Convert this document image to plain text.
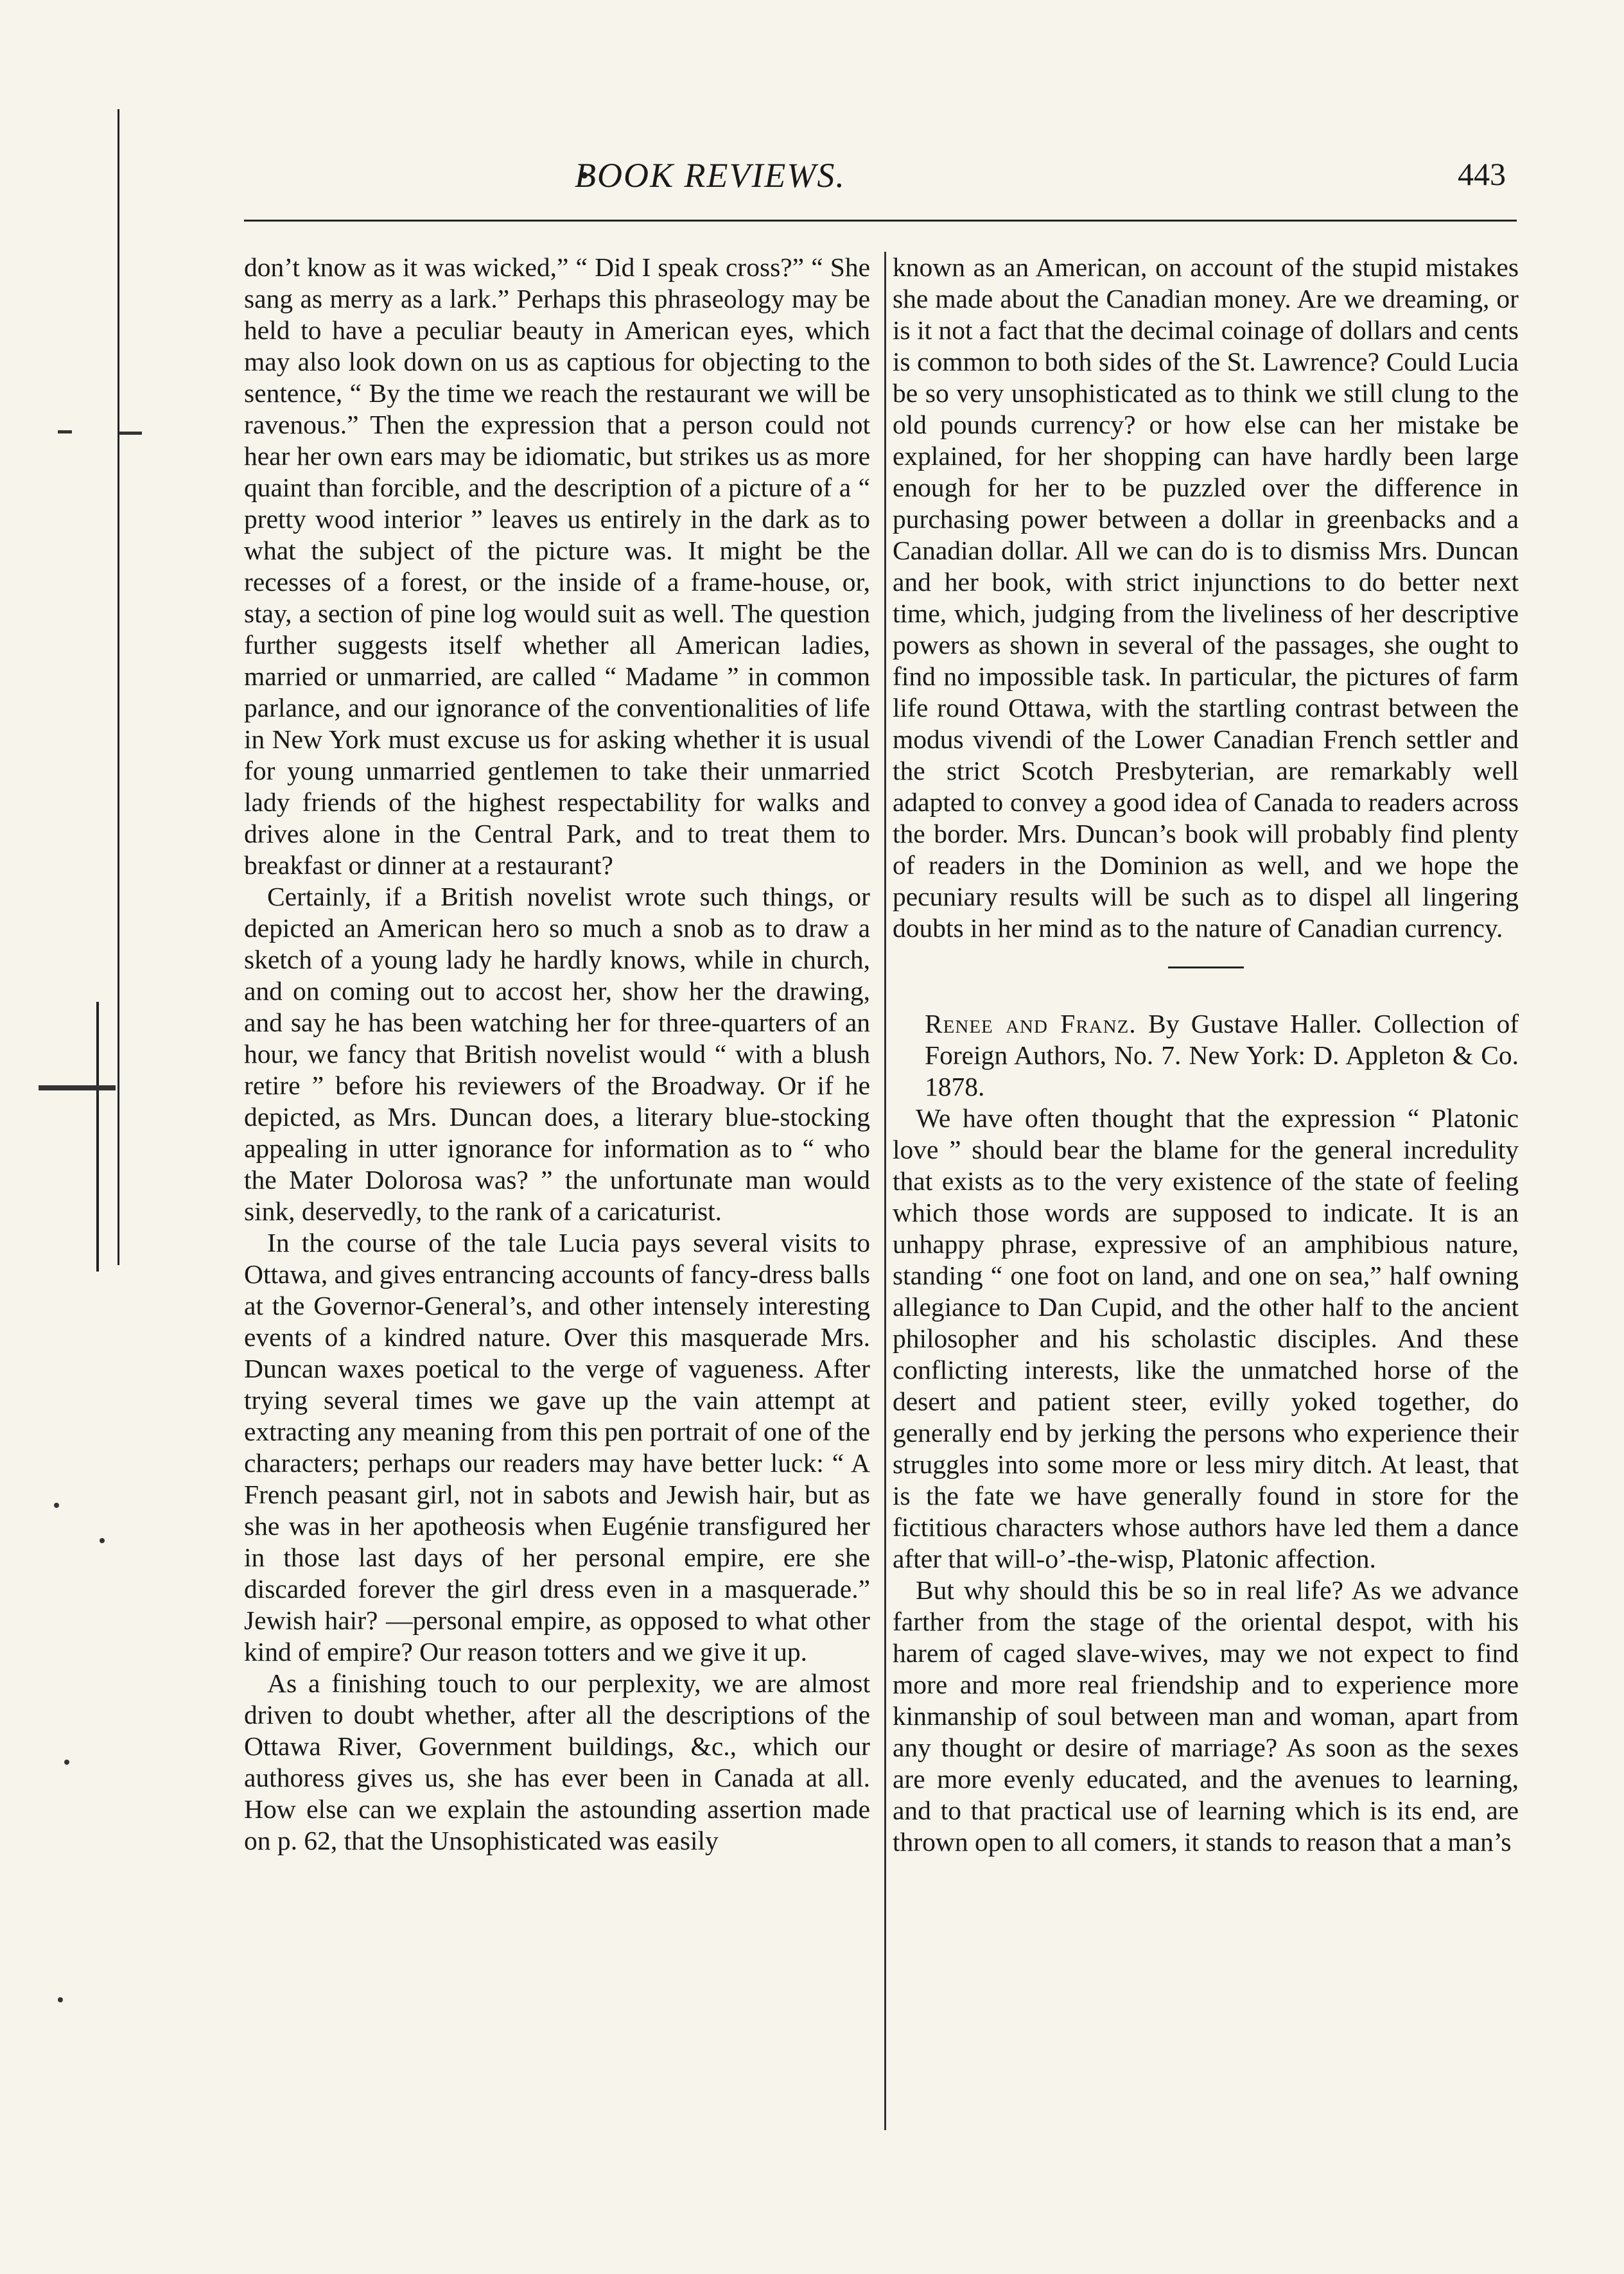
BOOK REVIEWS.	443

don’t know as it was wicked,” “ Did I speak cross?” “ She sang as merry as a lark.” Perhaps this phraseology may be held to have a peculiar beauty in American eyes, which may also look down on us as captious for objecting to the sentence, “ By the time we reach the restaurant we will be ravenous.” Then the expression that a person could not hear her own ears may be idiomatic, but strikes us as more quaint than forcible, and the description of a picture of a “ pretty wood interior ” leaves us entirely in the dark as to what the subject of the picture was. It might be the recesses of a forest, or the inside of a frame-house, or, stay, a section of pine log would suit as well. The question further suggests itself whether all American ladies, married or unmarried, are called “ Madame ” in common parlance, and our ignorance of the conventionalities of life in New York must excuse us for asking whether it is usual for young unmarried gentlemen to take their unmarried lady friends of the highest respectability for walks and drives alone in the Central Park, and to treat them to breakfast or dinner at a restaurant?

Certainly, if a British novelist wrote such things, or depicted an American hero so much a snob as to draw a sketch of a young lady he hardly knows, while in church, and on coming out to accost her, show her the drawing, and say he has been watching her for three-quarters of an hour, we fancy that British novelist would “ with a blush retire ” before his reviewers of the Broadway. Or if he depicted, as Mrs. Duncan does, a literary blue-stocking appealing in utter ignorance for information as to “ who the Mater Dolorosa was? ” the unfortunate man would sink, deservedly, to the rank of a caricaturist.

In the course of the tale Lucia pays several visits to Ottawa, and gives entrancing accounts of fancy-dress balls at the Governor-General’s, and other intensely interesting events of a kindred nature. Over this masquerade Mrs. Duncan waxes poetical to the verge of vagueness. After trying several times we gave up the vain attempt at extracting any meaning from this pen portrait of one of the characters; perhaps our readers may have better luck: “ A French peasant girl, not in sabots and Jewish hair, but as she was in her apotheosis when Eugénie transfigured her in those last days of her personal empire, ere she discarded forever the girl dress even in a masquerade.” Jewish hair? —personal empire, as opposed to what other kind of empire? Our reason totters and we give it up.

As a finishing touch to our perplexity, we are almost driven to doubt whether, after all the descriptions of the Ottawa River, Government buildings, &c., which our authoress gives us, she has ever been in Canada at all. How else can we explain the astounding assertion made on p. 62, that the Unsophisticated was easily

known as an American, on account of the stupid mistakes she made about the Canadian money. Are we dreaming, or is it not a fact that the decimal coinage of dollars and cents is common to both sides of the St. Lawrence? Could Lucia be so very unsophisticated as to think we still clung to the old pounds currency? or how else can her mistake be explained, for her shopping can have hardly been large enough for her to be puzzled over the difference in purchasing power between a dollar in greenbacks and a Canadian dollar. All we can do is to dismiss Mrs. Duncan and her book, with strict injunctions to do better next time, which, judging from the liveliness of her descriptive powers as shown in several of the passages, she ought to find no impossible task. In particular, the pictures of farm life round Ottawa, with the startling contrast between the modus vivendi of the Lower Canadian French settler and the strict Scotch Presbyterian, are remarkably well adapted to convey a good idea of Canada to readers across the border. Mrs. Duncan’s book will probably find plenty of readers in the Dominion as well, and we hope the pecuniary results will be such as to dispel all lingering doubts in her mind as to the nature of Canadian currency.

Renee and Franz. By Gustave Haller. Collection of Foreign Authors, No. 7. New York: D. Appleton & Co. 1878.

We have often thought that the expression “ Platonic love ” should bear the blame for the general incredulity that exists as to the very existence of the state of feeling which those words are supposed to indicate. It is an unhappy phrase, expressive of an amphibious nature, standing “ one foot on land, and one on sea,” half owning allegiance to Dan Cupid, and the other half to the ancient philosopher and his scholastic disciples. And these conflicting interests, like the unmatched horse of the desert and patient steer, evilly yoked together, do generally end by jerking the persons who experience their struggles into some more or less miry ditch. At least, that is the fate we have generally found in store for the fictitious characters whose authors have led them a dance after that will-o’-the-wisp, Platonic affection.

But why should this be so in real life? As we advance farther from the stage of the oriental despot, with his harem of caged slave-wives, may we not expect to find more and more real friendship and to experience more kinmanship of soul between man and woman, apart from any thought or desire of marriage? As soon as the sexes are more evenly educated, and the avenues to learning, and to that practical use of learning which is its end, are thrown open to all comers, it stands to reason that a man’s
